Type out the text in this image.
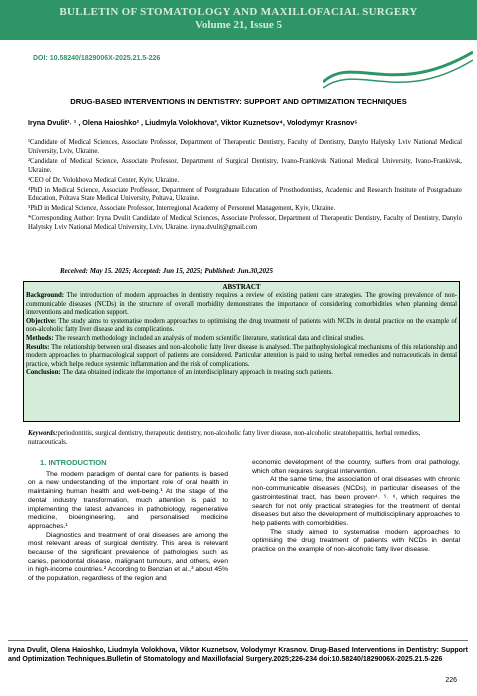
BULLETIN OF STOMATOLOGY AND MAXILLOFACIAL SURGERY
Volume 21, Issue 5
DOI: 10.58240/1829006X-2025.21.5-226
DRUG-BASED INTERVENTIONS IN DENTISTRY: SUPPORT AND OPTIMIZATION TECHNIQUES
Iryna Dvulit¹˒ ¹ , Olena Haioshko² , Liudmyla Volokhova³, Viktor Kuznetsov⁴, Volodymyr Krasnov⁵

¹Candidate of Medical Sciences, Associate Professor, Department of Therapeutic Dentistry, Faculty of Dentistry, Danylo Halytsky Lviv National Medical University, Lviv, Ukraine.

²Candidate of Medical Science, Associate Professor, Department of Surgical Dentistry, Ivano-Frankivsk National Medical University, Ivano-Frankivsk, Ukraine.

³CEO of Dr. Volokhova Medical Center, Kyiv, Ukraine.

⁴PhD in Medical Science, Associate Proffessor, Department of Postgraduate Education of Prosthodontists, Academic and Research Institute of Postgraduate Education, Poltava State Medical University, Poltava, Ukraine.

⁵PhD in Medical Science, Associate Professor, Interregional Academy of Personnel Management, Kyiv, Ukraine.

*Corresponding Author: Iryna Dvulit Candidate of Medical Sciences, Associate Professor, Department of Therapeutic Dentistry, Faculty of Dentistry, Danylo Halytsky Lviv National Medical University, Lviv, Ukraine. iryna.dvulit@gmail.com

Received: May 15. 2025; Accepted: Jun 15, 2025; Published: Jun.30,2025
ABSTRACT

Background: The introduction of modern approaches in dentistry requires a review of existing patient care strategies. The growing prevalence of non-communicable diseases (NCDs) in the structure of overall morbidity demonstrates the importance of considering comorbidities when planning dental interventions and medication support.

Objective: The study aims to systematise modern approaches to optimising the drug treatment of patients with NCDs in dental practice on the example of non-alcoholic fatty liver disease and its complications.

Methods: The research methodology included an analysis of modern scientific literature, statistical data and clinical studies.

Results: The relationship between oral diseases and non-alcoholic fatty liver disease is analysed. The pathophysiological mechanisms of this relationship and modern approaches to pharmacological support of patients are considered. Particular attention is paid to using herbal remedies and nutraceuticals in dental practice, which helps reduce systemic inflammation and the risk of complications.

Conclusion: The data obtained indicate the importance of an interdisciplinary approach in treating such patients.

Keywords:periodontitis, surgical dentistry, therapeutic dentistry, non-alcoholic fatty liver disease, non-alcoholic steatohepatitis, herbal remedies, nutraceuticals.
1. INTRODUCTION

The modern paradigm of dental care for patients is based on a new understanding of the important role of oral health in maintaining human health and well-being.¹ At the stage of the dental industry transformation, much attention is paid to implementing the latest advances in pathobiology, regenerative medicine, bioengineering, and personalised medicine approaches.¹

Diagnostics and treatment of oral diseases are among the most relevant areas of surgical dentistry. This area is relevant because of the significant prevalence of pathologies such as caries, periodontal disease, malignant tumours, and others, even in high-income countries.² According to Benzian et al.,³ about 45% of the population, regardless of the region and

economic development of the country, suffers from oral pathology, which often requires surgical intervention.

At the same time, the association of oral diseases with chronic non-communicable diseases (NCDs), in particular diseases of the gastrointestinal tract, has been proven⁴˒ ⁵˒ ⁶, which requires the search for not only practical strategies for the treatment of dental diseases but also the development of multidisciplinary approaches to help patients with comorbidities.

The study aimed to systematise modern approaches to optimising the drug treatment of patients with NCDs in dental practice on the example of non-alcoholic fatty liver disease.

Iryna Dvulit, Olena Haioshko, Liudmyla Volokhova, Viktor Kuznetsov, Volodymyr Krasnov. Drug-Based Interventions in Dentistry: Support and Optimization Techniques.Bulletin of Stomatology and Maxillofacial Surgery.2025;226-234 doi:10.58240/1829006X-2025.21.5-226
226
